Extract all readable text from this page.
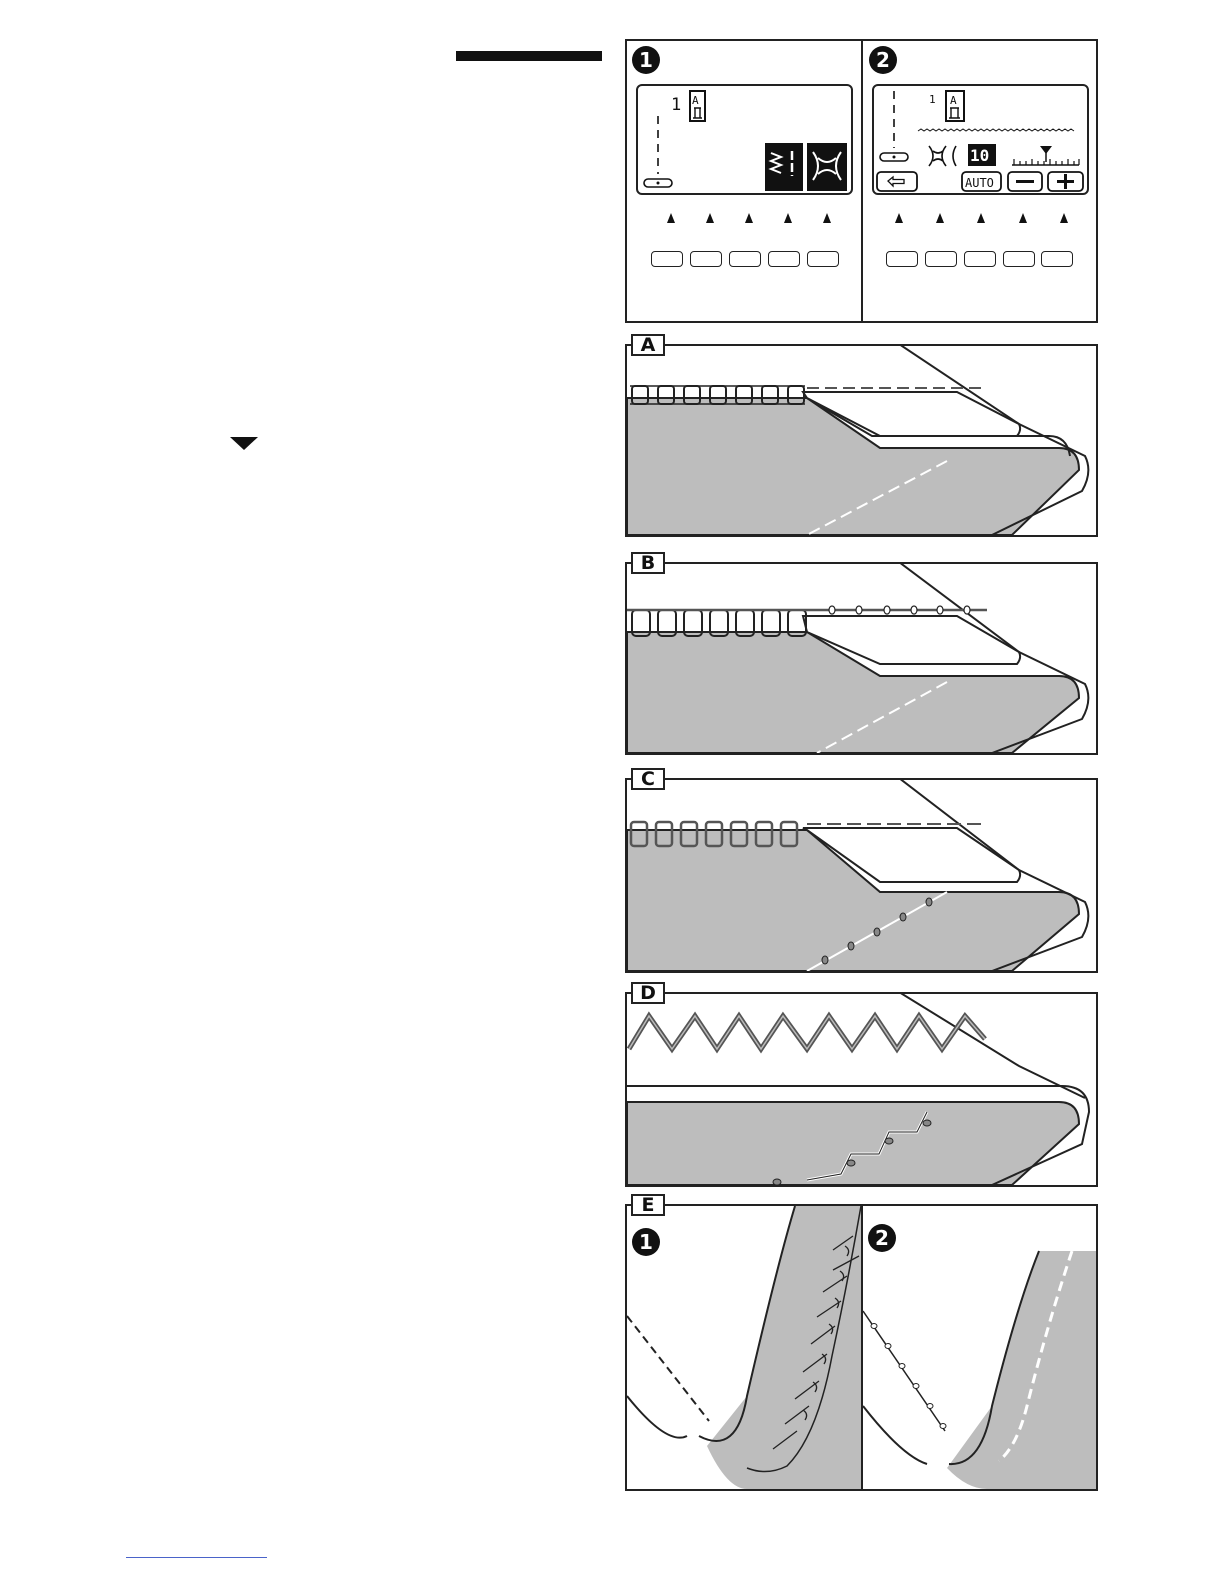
1
1 A
2
1 A
10
AUTO
A
B
C
D
E
1	2
